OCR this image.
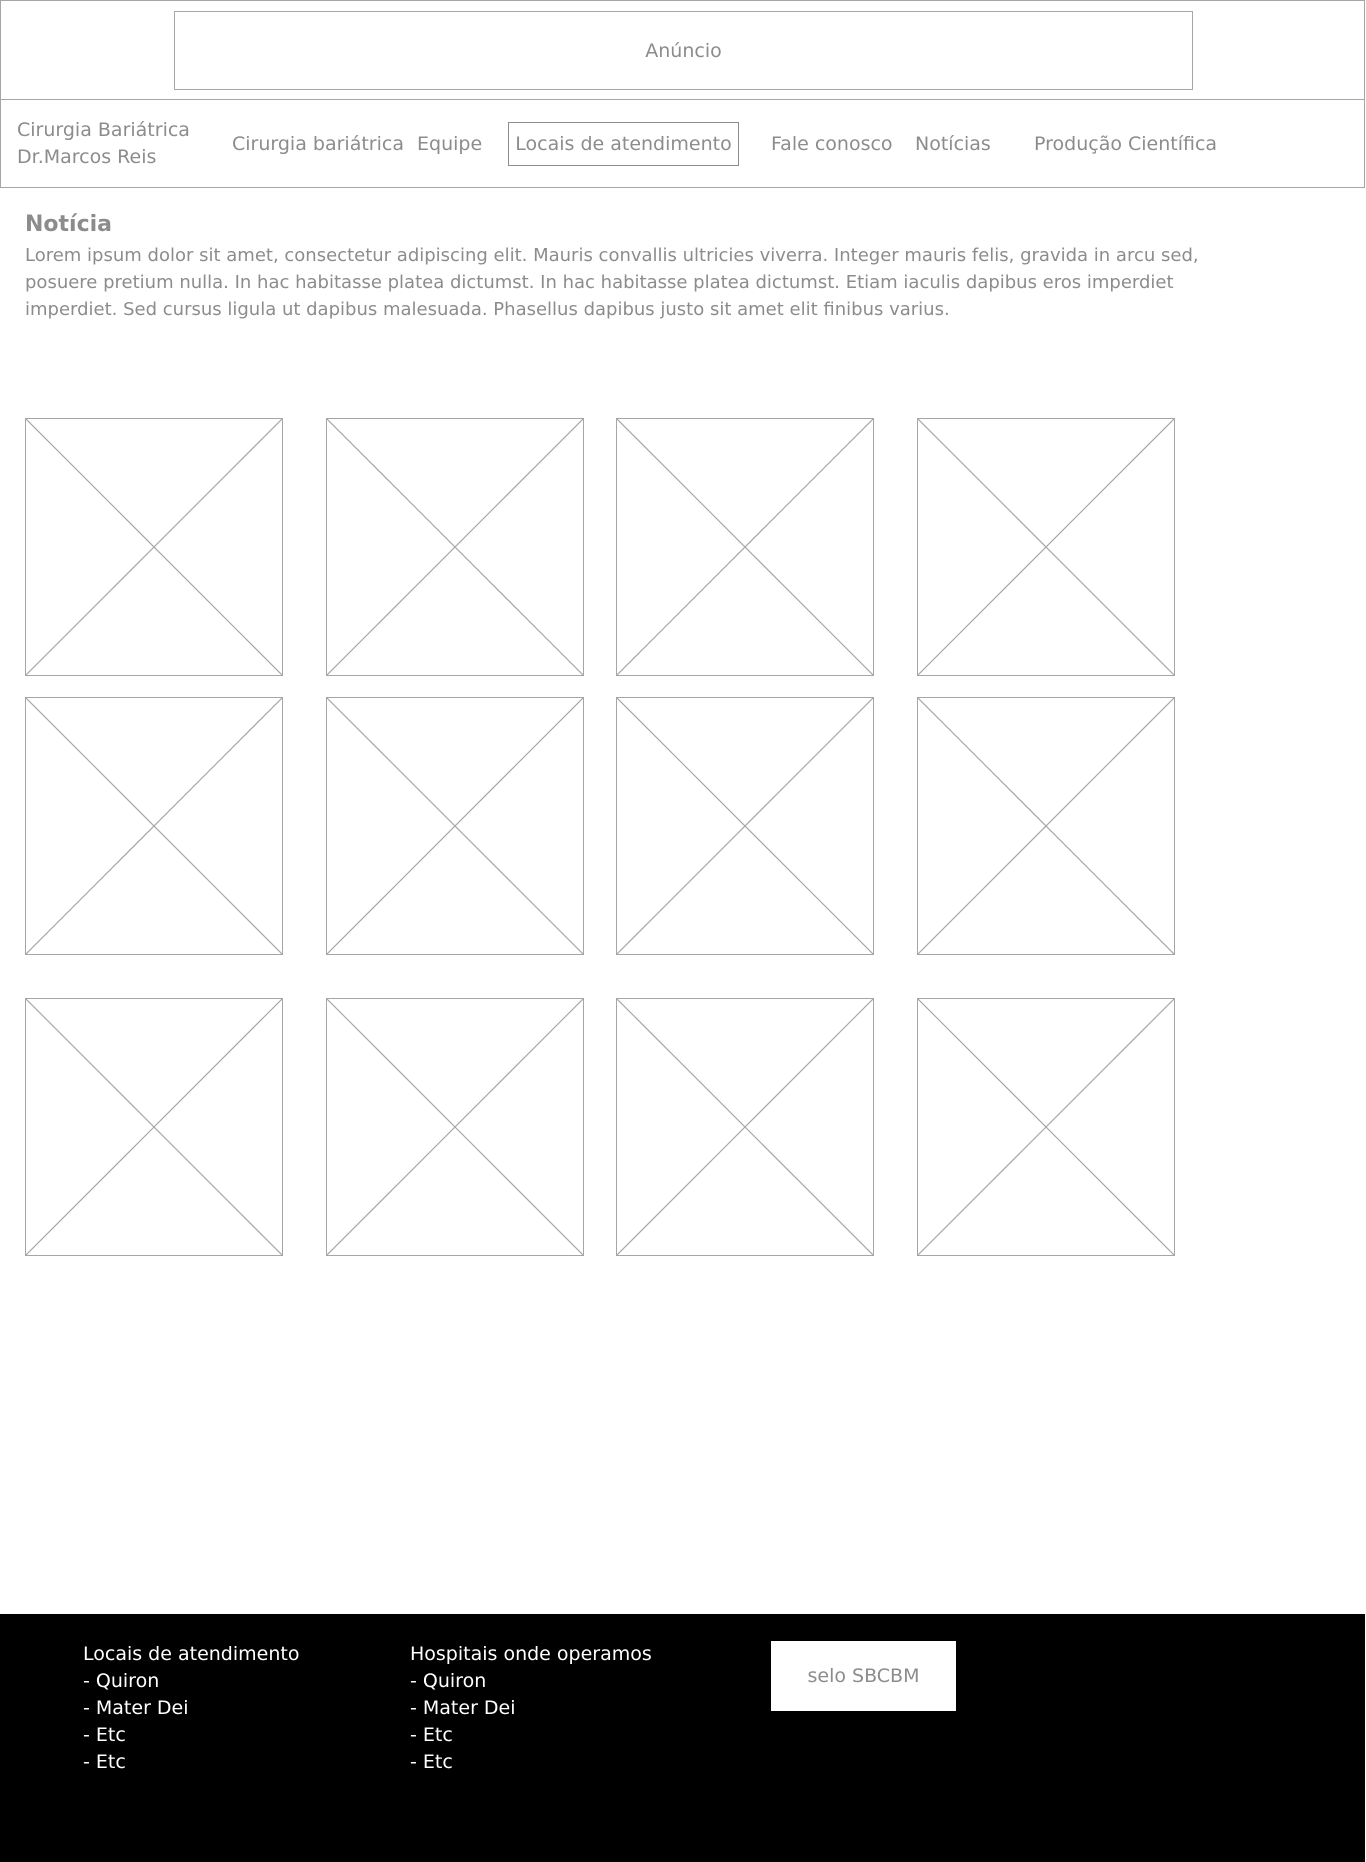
Anúncio
Cirurgia Bariátrica
Dr.Marcos Reis
Cirurgia bariátrica Equipe Locais de atendimento Fale conosco Notícias Produção Científica
Notícia
Lorem ipsum dolor sit amet, consectetur adipiscing elit. Mauris convallis ultricies viverra. Integer mauris felis, gravida in arcu sed, posuere pretium nulla. In hac habitasse platea dictumst. In hac habitasse platea dictumst. Etiam iaculis dapibus eros imperdiet imperdiet. Sed cursus ligula ut dapibus malesuada. Phasellus dapibus justo sit amet elit finibus varius.
Locais de atendimento
- Quiron
- Mater Dei
- Etc
- Etc
Hospitais onde operamos
- Quiron
- Mater Dei
- Etc
- Etc
selo SBCBM
